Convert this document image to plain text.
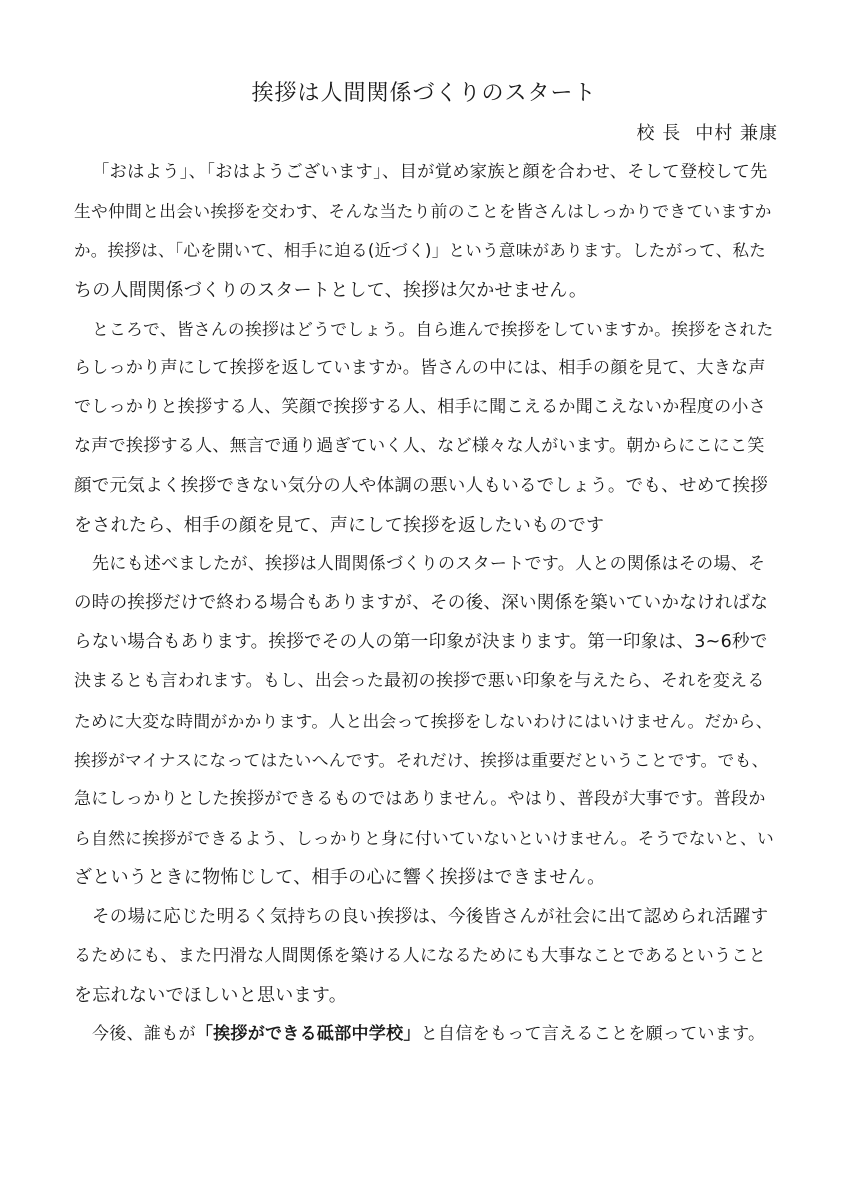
挨拶は人間関係づくりのスタート
校 長 中村 兼康
「おはよう」、「おはようございます」、目が覚め家族と顔を合わせ、そして登校して先
生や仲間と出会い挨拶を交わす、そんな当たり前のことを皆さんはしっかりできていますか
か。挨拶は、「心を開いて、相手に迫る(近づく)」という意味があります。したがって、私た
ちの人間関係づくりのスタートとして、挨拶は欠かせません。
ところで、皆さんの挨拶はどうでしょう。自ら進んで挨拶をしていますか。挨拶をされた
らしっかり声にして挨拶を返していますか。皆さんの中には、相手の顔を見て、大きな声
でしっかりと挨拶する人、笑顔で挨拶する人、相手に聞こえるか聞こえないか程度の小さ
な声で挨拶する人、無言で通り過ぎていく人、など様々な人がいます。朝からにこにこ笑
顔で元気よく挨拶できない気分の人や体調の悪い人もいるでしょう。でも、せめて挨拶
をされたら、相手の顔を見て、声にして挨拶を返したいものです
先にも述べましたが、挨拶は人間関係づくりのスタートです。人との関係はその場、そ
の時の挨拶だけで終わる場合もありますが、その後、深い関係を築いていかなければな
らない場合もあります。挨拶でその人の第一印象が決まります。第一印象は、3~6秒で
決まるとも言われます。もし、出会った最初の挨拶で悪い印象を与えたら、それを変える
ために大変な時間がかかります。人と出会って挨拶をしないわけにはいけません。だから、
挨拶がマイナスになってはたいへんです。それだけ、挨拶は重要だということです。でも、
急にしっかりとした挨拶ができるものではありません。やはり、普段が大事です。普段か
ら自然に挨拶ができるよう、しっかりと身に付いていないといけません。そうでないと、い
ざというときに物怖じして、相手の心に響く挨拶はできません。
その場に応じた明るく気持ちの良い挨拶は、今後皆さんが社会に出て認められ活躍す
るためにも、また円滑な人間関係を築ける人になるためにも大事なことであるということ
を忘れないでほしいと思います。
今後、誰もが「挨拶ができる砥部中学校」と自信をもって言えることを願っています。
